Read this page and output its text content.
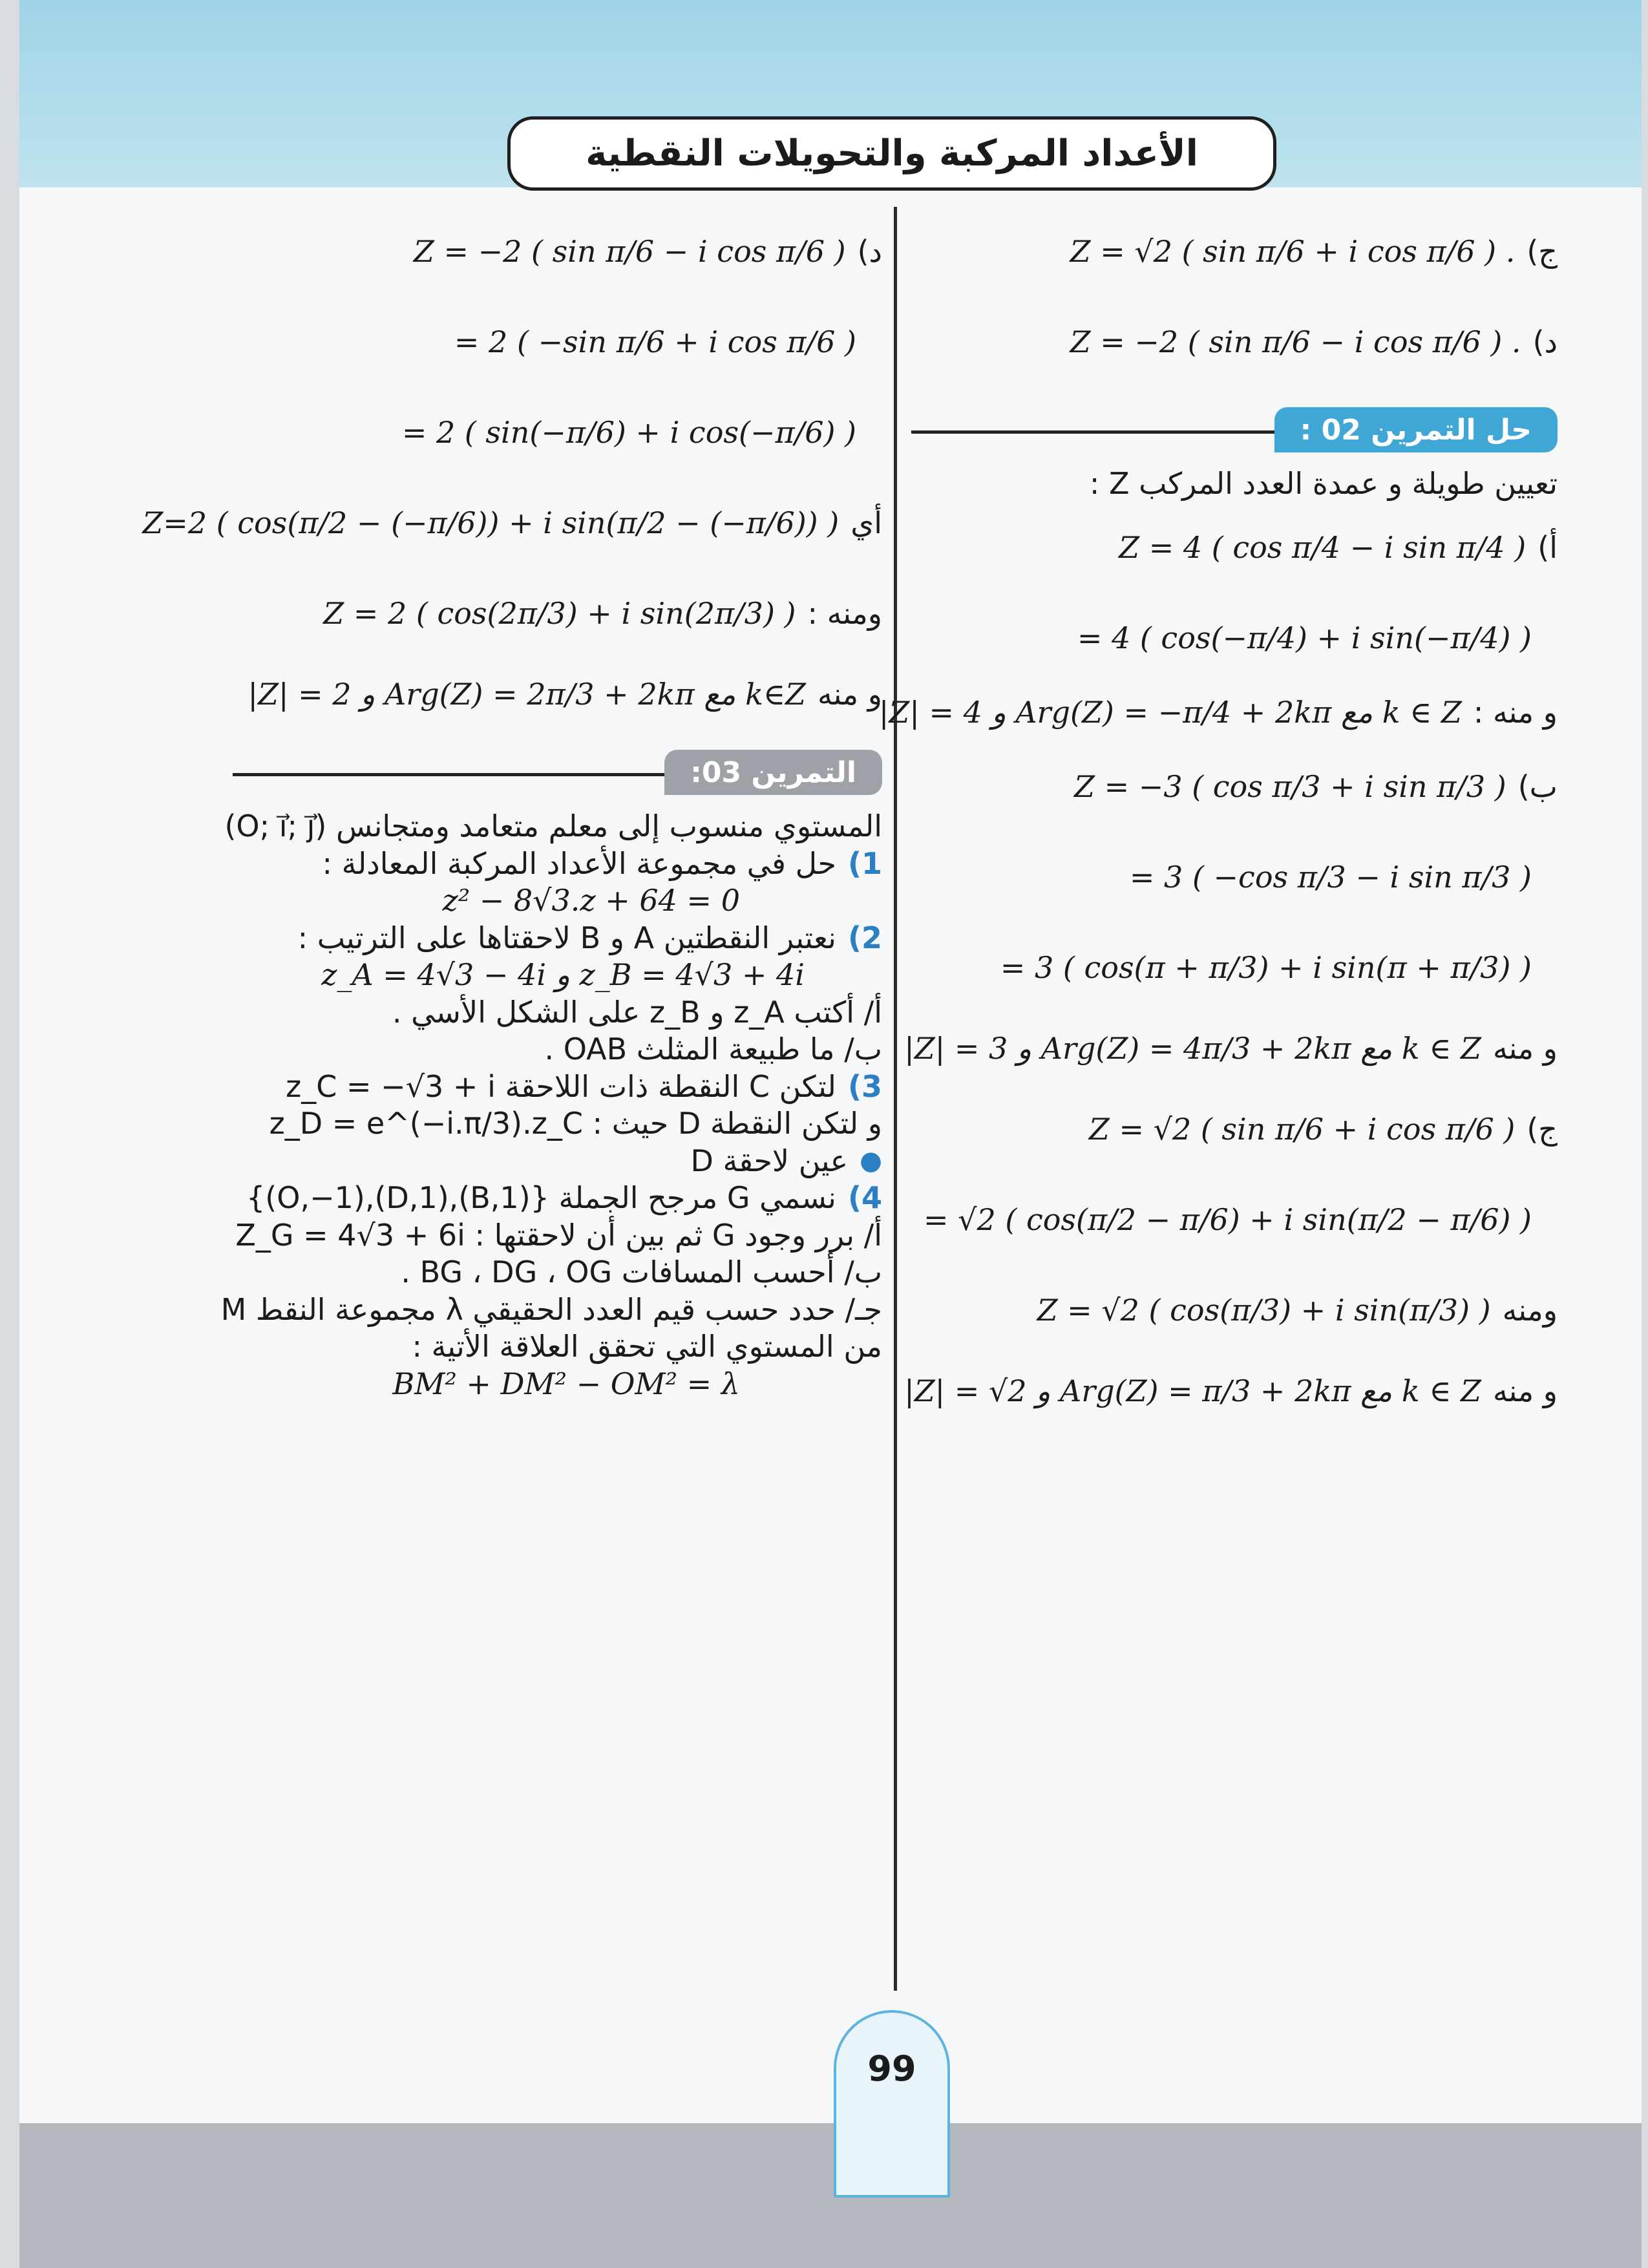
الأعداد المركبة والتحويلات النقطية
ج)
Z = √2 ( sin π/6 + i cos π/6 ) .
د)
Z = −2 ( sin π/6 − i cos π/6 ) .
حل التمرين 02 :

تعيين طويلة و عمدة العدد المركب Z :

أ)
Z = 4 ( cos π/4 − i sin π/4 )
= 4 ( cos(−π/4) + i sin(−π/4) )
و منه :
|Z| = 4 و Arg(Z) = −π/4 + 2kπ مع k ∈ Z
ب)
Z = −3 ( cos π/3 + i sin π/3 )
= 3 ( −cos π/3 − i sin π/3 )
= 3 ( cos(π + π/3) + i sin(π + π/3) )
و منه
|Z| = 3 و Arg(Z) = 4π/3 + 2kπ مع k ∈ Z
ج)
Z = √2 ( sin π/6 + i cos π/6 )
= √2 ( cos(π/2 − π/6) + i sin(π/2 − π/6) )
ومنه
Z = √2 ( cos(π/3) + i sin(π/3) )
و منه
|Z| = √2 و Arg(Z) = π/3 + 2kπ مع k ∈ Z
د)
Z = −2 ( sin π/6 − i cos π/6 )
= 2 ( −sin π/6 + i cos π/6 )
= 2 ( sin(−π/6) + i cos(−π/6) )
أي
Z=2 ( cos(π/2 − (−π/6)) + i sin(π/2 − (−π/6)) )
ومنه :
Z = 2 ( cos(2π/3) + i sin(2π/3) )
و منه
|Z| = 2 و Arg(Z) = 2π/3 + 2kπ مع k∈Z
التمرين 03:

المستوي منسوب إلى معلم متعامد ومتجانس (O; i⃗; j⃗)

1)
حل في مجموعة الأعداد المركبة المعادلة :

z² − 8√3.z + 64 = 0

2)
نعتبر النقطتين A و B لاحقتاها على الترتيب :

z_A = 4√3 − 4i و z_B = 4√3 + 4i

أ/ أكتب z_A و z_B على الشكل الأسي .

ب/ ما طبيعة المثلث OAB .

3)
لتكن C النقطة ذات اللاحقة z_C = −√3 + i

و لتكن النقطة D حيث : z_D = e^(−i.π/3).z_C

●
عين لاحقة D

4)
نسمي G مرجح الجملة {(B,1),(D,1),(O,−1)}

أ/ برر وجود G ثم بين أن لاحقتها : Z_G = 4√3 + 6i

ب/ أحسب المسافات BG ، DG ، OG .

جـ/ حدد حسب قيم العدد الحقيقي λ مجموعة النقط M

من المستوي التي تحقق العلاقة الأتية :

BM² + DM² − OM² = λ

99
